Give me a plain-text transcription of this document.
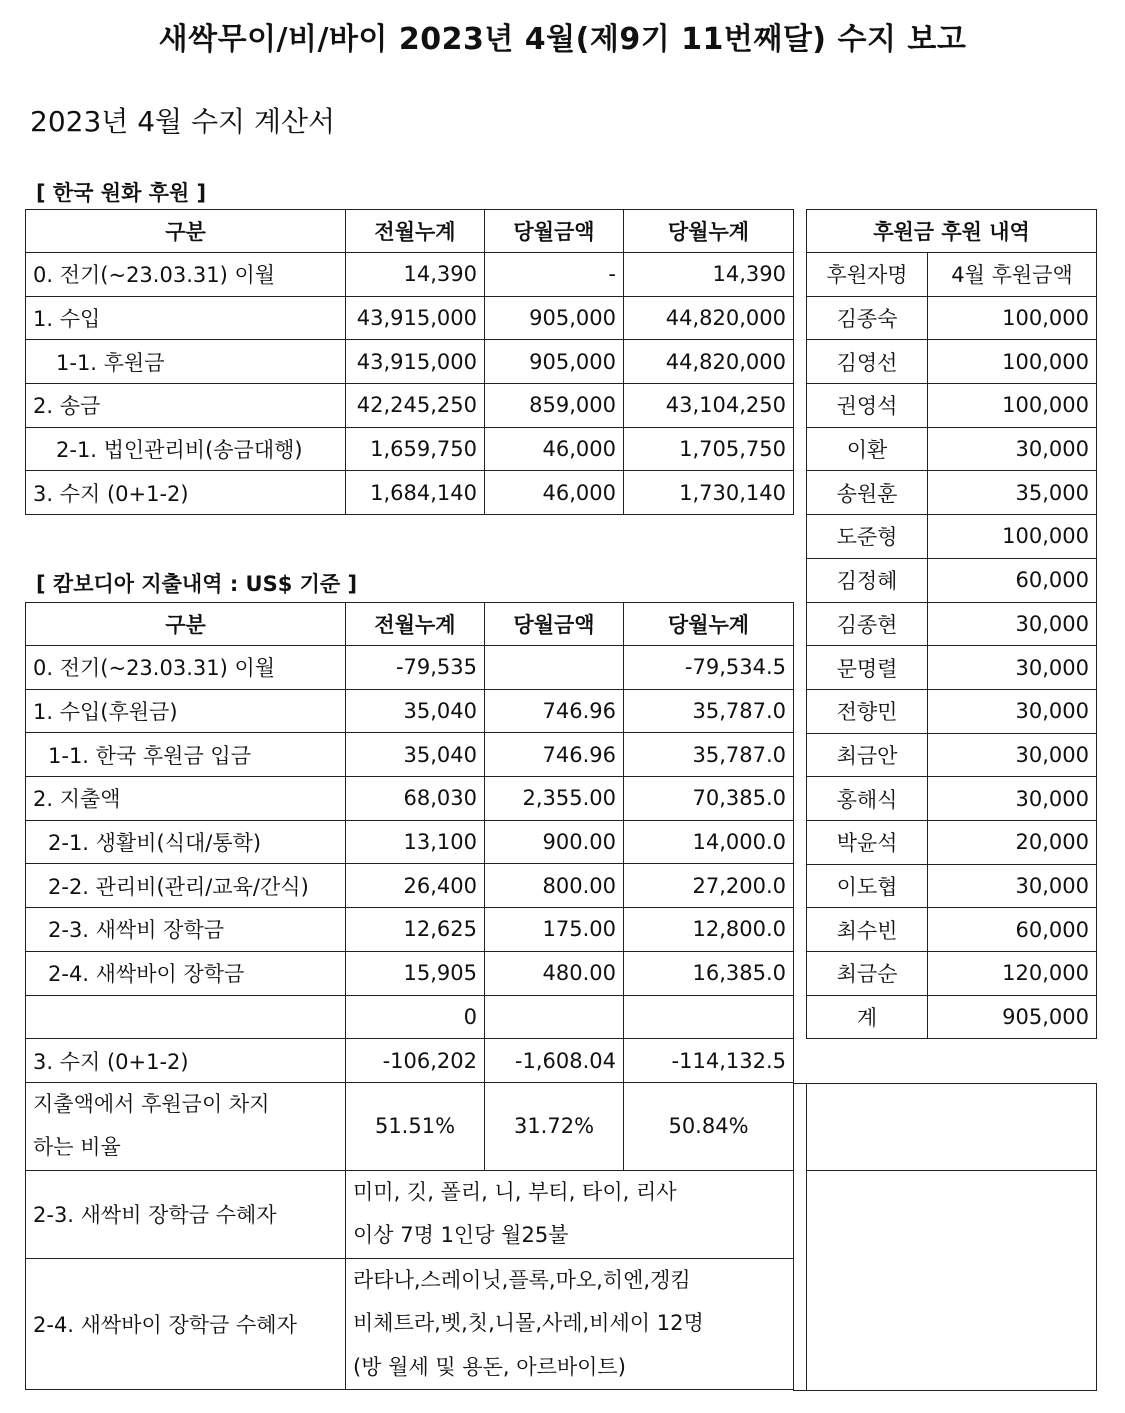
새싹무이/비/바이 2023년 4월(제9기 11번째달) 수지 보고
2023년 4월 수지 계산서
[ 한국 원화 후원 ]
구분	전월누계	당월금액	당월누계
0. 전기(~23.03.31) 이월	14,390	-	14,390
1. 수입	43,915,000	905,000	44,820,000
1-1. 후원금	43,915,000	905,000	44,820,000
2. 송금	42,245,250	859,000	43,104,250
2-1. 법인관리비(송금대행)	1,659,750	46,000	1,705,750
3. 수지 (0+1-2)	1,684,140	46,000	1,730,140
후원금 후원 내역	
후원자명	4월 후원금액
김종숙	100,000
김영선	100,000
권영석	100,000
이환	30,000
송원훈	35,000
도준형	100,000
김정혜	60,000
김종현	30,000
문명렬	30,000
전향민	30,000
최금안	30,000
홍해식	30,000
박윤석	20,000
이도협	30,000
최수빈	60,000
최금순	120,000
계	905,000
[ 캄보디아 지출내역 : US$ 기준 ]
구분	전월누계	당월금액	당월누계
0. 전기(~23.03.31) 이월	-79,535		-79,534.5
1. 수입(후원금)	35,040	746.96	35,787.0
1-1. 한국 후원금 입금	35,040	746.96	35,787.0
2. 지출액	68,030	2,355.00	70,385.0
2-1. 생활비(식대/통학)	13,100	900.00	14,000.0
2-2. 관리비(관리/교육/간식)	26,400	800.00	27,200.0
2-3. 새싹비 장학금	12,625	175.00	12,800.0
2-4. 새싹바이 장학금	15,905	480.00	16,385.0
	0		
3. 수지 (0+1-2)	-106,202	-1,608.04	-114,132.5
지출액에서 후원금이 차지
하는 비율	51.51%	31.72%	50.84%
2-3. 새싹비 장학금 수혜자	미미, 깃, 폴리, 니, 부티, 타이, 리사
이상 7명 1인당 월25불		
2-4. 새싹바이 장학금 수혜자	라타나,스레이닛,플록,마오,히엔,겡킴
비체트라,벳,칫,니몰,사레,비세이 12명
(방 월세 및 용돈, 아르바이트)		
